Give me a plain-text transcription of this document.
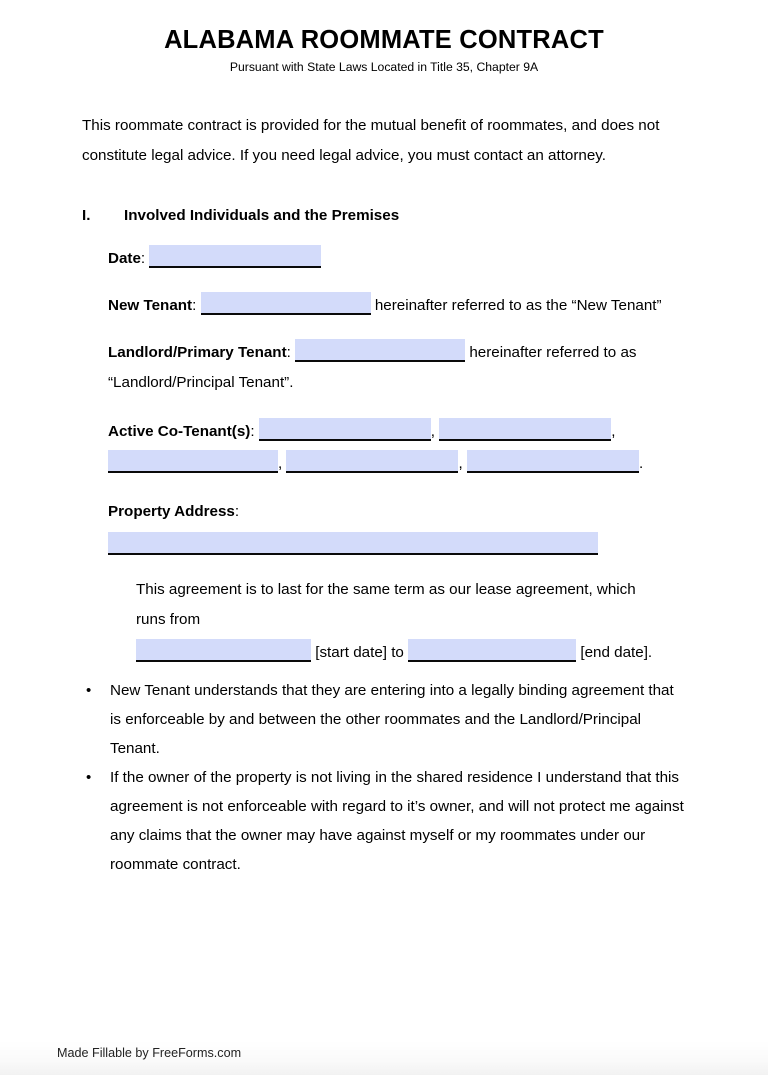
ALABAMA ROOMMATE CONTRACT

Pursuant with State Laws Located in Title 35, Chapter 9A

This roommate contract is provided for the mutual benefit of roommates, and does not constitute legal advice. If you need legal advice, you must contact an attorney.

I.	Involved Individuals and the Premises
Date:
New Tenant:	hereinafter referred to as the “New Tenant”
Landlord/Primary Tenant:	hereinafter referred to as “Landlord/Principal Tenant”.
Active Co-Tenant(s):	,	,
,	,	.
Property Address:
This agreement is to last for the same term as our lease agreement, which
runs from
[start date] to	[end date].
• New Tenant understands that they are entering into a legally binding agreement that is enforceable by and between the other roommates and the Landlord/Principal Tenant.
• If the owner of the property is not living in the shared residence I understand that this agreement is not enforceable with regard to it’s owner, and will not protect me against any claims that the owner may have against myself or my roommates under our roommate contract.
Made Fillable by FreeForms.com
